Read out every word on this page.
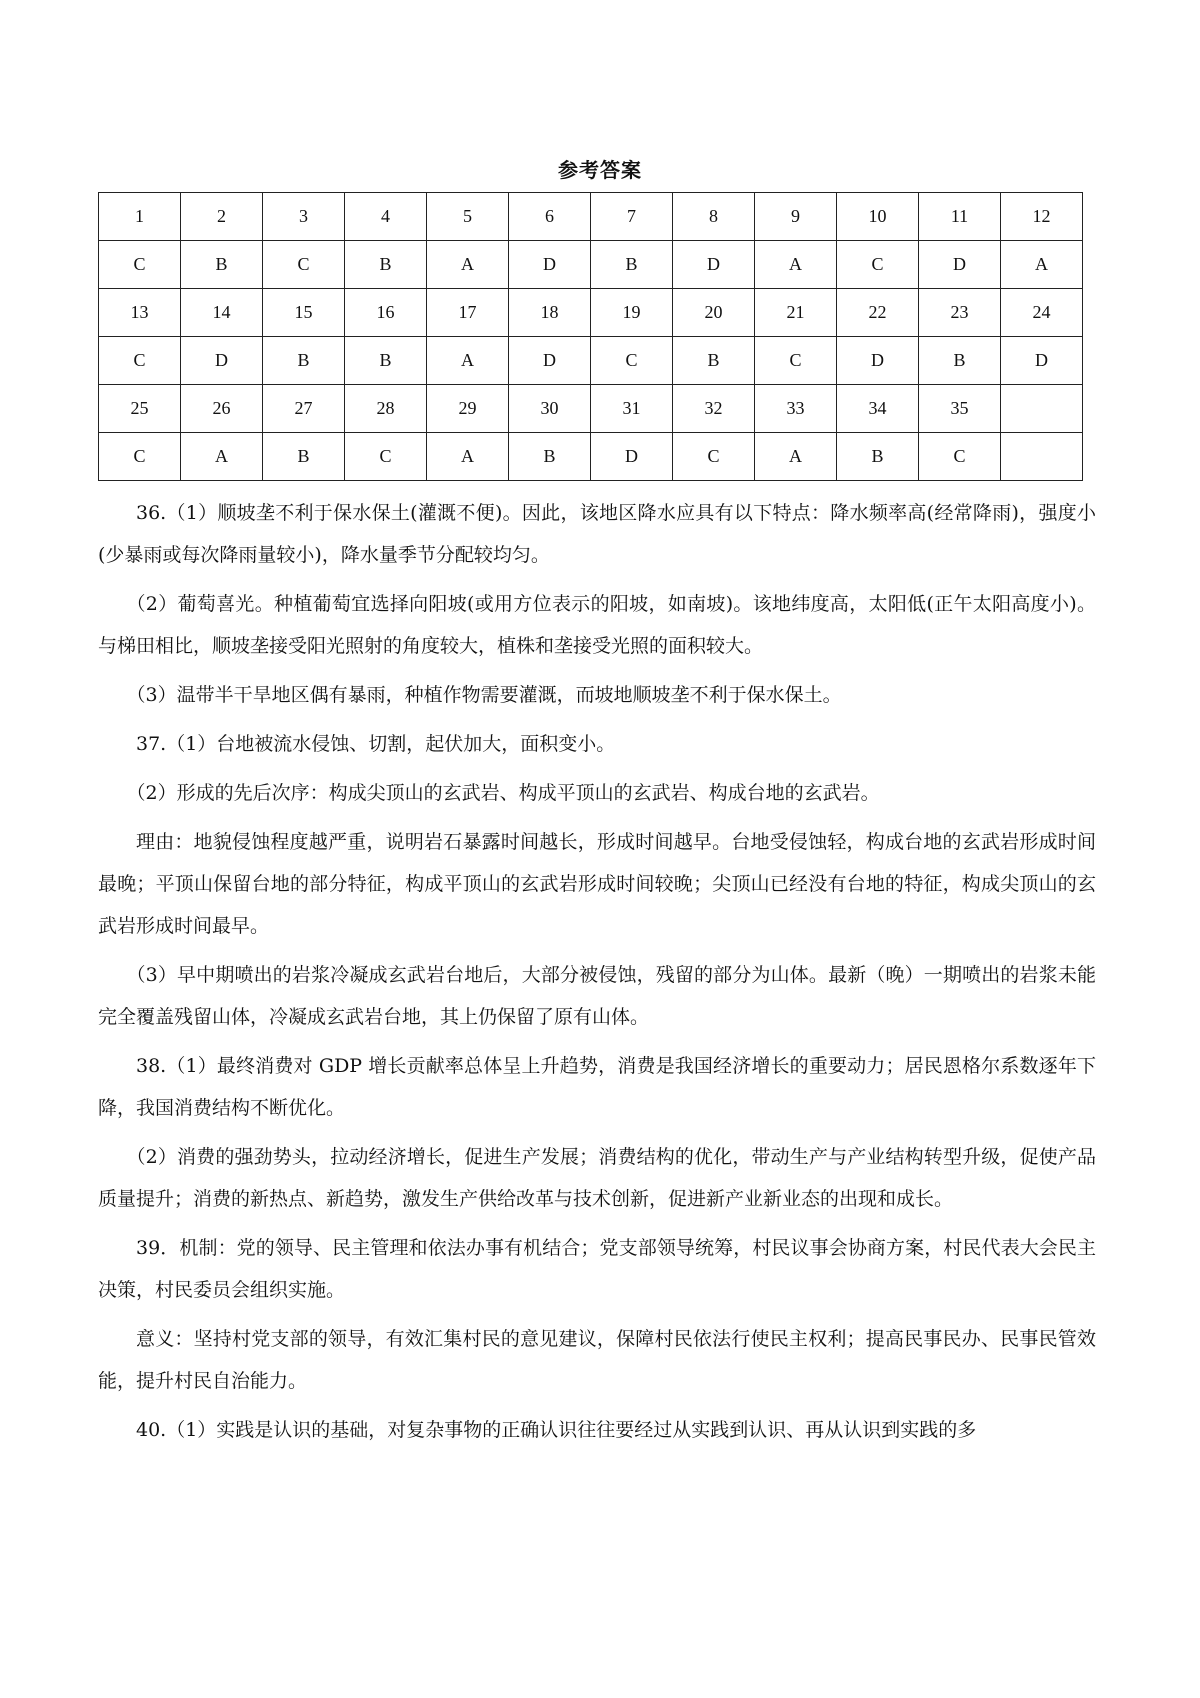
参考答案
1	2	3	4	5	6	7	8	9	10	11	12
C	B	C	B	A	D	B	D	A	C	D	A
13	14	15	16	17	18	19	20	21	22	23	24
C	D	B	B	A	D	C	B	C	D	B	D
25	26	27	28	29	30	31	32	33	34	35	
C	A	B	C	A	B	D	C	A	B	C	

36.（1）顺坡垄不利于保水保土(灌溉不便)。因此，该地区降水应具有以下特点：降水频率高(经常降雨)，强度小(少暴雨或每次降雨量较小)，降水量季节分配较均匀。

（2）葡萄喜光。种植葡萄宜选择向阳坡(或用方位表示的阳坡，如南坡)。该地纬度高，太阳低(正午太阳高度小)。与梯田相比，顺坡垄接受阳光照射的角度较大，植株和垄接受光照的面积较大。

（3）温带半干旱地区偶有暴雨，种植作物需要灌溉，而坡地顺坡垄不利于保水保土。

37.（1）台地被流水侵蚀、切割，起伏加大，面积变小。

（2）形成的先后次序：构成尖顶山的玄武岩、构成平顶山的玄武岩、构成台地的玄武岩。

理由：地貌侵蚀程度越严重，说明岩石暴露时间越长，形成时间越早。台地受侵蚀轻，构成台地的玄武岩形成时间最晚；平顶山保留台地的部分特征，构成平顶山的玄武岩形成时间较晚；尖顶山已经没有台地的特征，构成尖顶山的玄武岩形成时间最早。

（3）早中期喷出的岩浆冷凝成玄武岩台地后，大部分被侵蚀，残留的部分为山体。最新（晚）一期喷出的岩浆未能完全覆盖残留山体，冷凝成玄武岩台地，其上仍保留了原有山体。

38.（1）最终消费对 GDP 增长贡献率总体呈上升趋势，消费是我国经济增长的重要动力；居民恩格尔系数逐年下降，我国消费结构不断优化。

（2）消费的强劲势头，拉动经济增长，促进生产发展；消费结构的优化，带动生产与产业结构转型升级，促使产品质量提升；消费的新热点、新趋势，激发生产供给改革与技术创新，促进新产业新业态的出现和成长。

39．机制：党的领导、民主管理和依法办事有机结合；党支部领导统筹，村民议事会协商方案，村民代表大会民主决策，村民委员会组织实施。

意义：坚持村党支部的领导，有效汇集村民的意见建议，保障村民依法行使民主权利；提高民事民办、民事民管效能，提升村民自治能力。

40.（1）实践是认识的基础，对复杂事物的正确认识往往要经过从实践到认识、再从认识到实践的多
